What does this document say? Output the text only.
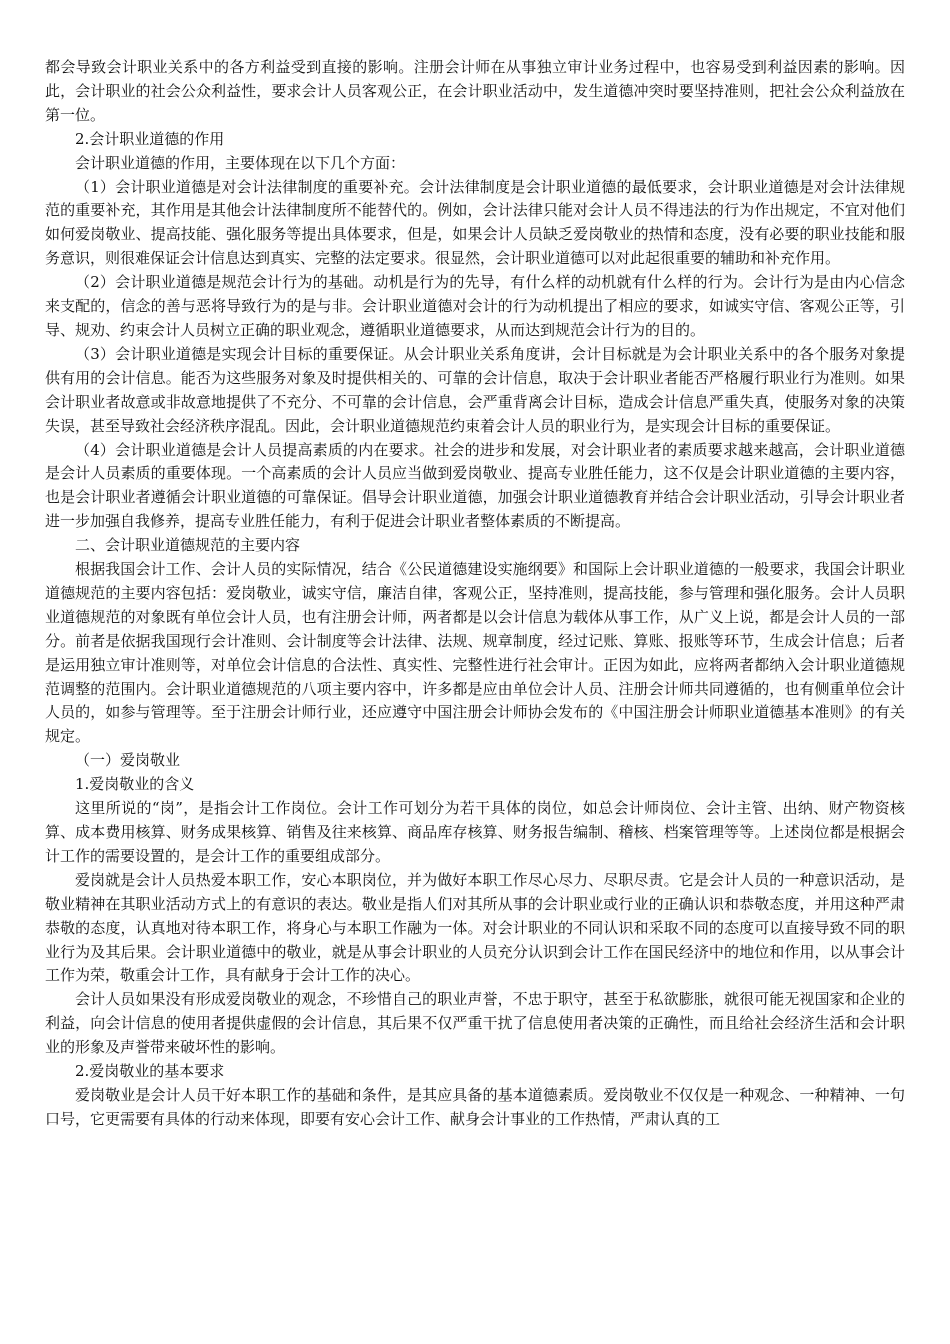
都会导致会计职业关系中的各方利益受到直接的影响。注册会计师在从事独立审计业务过程中，也容易受到利益因素的影响。因此，会计职业的社会公众利益性，要求会计人员客观公正，在会计职业活动中，发生道德冲突时要坚持准则，把社会公众利益放在第一位。

2.会计职业道德的作用

会计职业道德的作用，主要体现在以下几个方面：

（1）会计职业道德是对会计法律制度的重要补充。会计法律制度是会计职业道德的最低要求，会计职业道德是对会计法律规范的重要补充，其作用是其他会计法律制度所不能替代的。例如，会计法律只能对会计人员不得违法的行为作出规定，不宜对他们如何爱岗敬业、提高技能、强化服务等提出具体要求，但是，如果会计人员缺乏爱岗敬业的热情和态度，没有必要的职业技能和服务意识，则很难保证会计信息达到真实、完整的法定要求。很显然，会计职业道德可以对此起很重要的辅助和补充作用。

（2）会计职业道德是规范会计行为的基础。动机是行为的先导，有什么样的动机就有什么样的行为。会计行为是由内心信念来支配的，信念的善与恶将导致行为的是与非。会计职业道德对会计的行为动机提出了相应的要求，如诚实守信、客观公正等，引导、规劝、约束会计人员树立正确的职业观念，遵循职业道德要求，从而达到规范会计行为的目的。

（3）会计职业道德是实现会计目标的重要保证。从会计职业关系角度讲，会计目标就是为会计职业关系中的各个服务对象提供有用的会计信息。能否为这些服务对象及时提供相关的、可靠的会计信息，取决于会计职业者能否严格履行职业行为准则。如果会计职业者故意或非故意地提供了不充分、不可靠的会计信息，会严重背离会计目标，造成会计信息严重失真，使服务对象的决策失误，甚至导致社会经济秩序混乱。因此，会计职业道德规范约束着会计人员的职业行为，是实现会计目标的重要保证。

（4）会计职业道德是会计人员提高素质的内在要求。社会的进步和发展，对会计职业者的素质要求越来越高，会计职业道德是会计人员素质的重要体现。一个高素质的会计人员应当做到爱岗敬业、提高专业胜任能力，这不仅是会计职业道德的主要内容，也是会计职业者遵循会计职业道德的可靠保证。倡导会计职业道德，加强会计职业道德教育并结合会计职业活动，引导会计职业者进一步加强自我修养，提高专业胜任能力，有利于促进会计职业者整体素质的不断提高。

二、会计职业道德规范的主要内容

根据我国会计工作、会计人员的实际情况，结合《公民道德建设实施纲要》和国际上会计职业道德的一般要求，我国会计职业道德规范的主要内容包括：爱岗敬业，诚实守信，廉洁自律，客观公正，坚持准则，提高技能，参与管理和强化服务。会计人员职业道德规范的对象既有单位会计人员，也有注册会计师，两者都是以会计信息为载体从事工作，从广义上说，都是会计人员的一部分。前者是依据我国现行会计准则、会计制度等会计法律、法规、规章制度，经过记账、算账、报账等环节，生成会计信息；后者是运用独立审计准则等，对单位会计信息的合法性、真实性、完整性进行社会审计。正因为如此，应将两者都纳入会计职业道德规范调整的范围内。会计职业道德规范的八项主要内容中，许多都是应由单位会计人员、注册会计师共同遵循的，也有侧重单位会计人员的，如参与管理等。至于注册会计师行业，还应遵守中国注册会计师协会发布的《中国注册会计师职业道德基本准则》的有关规定。

（一）爱岗敬业

1.爱岗敬业的含义

这里所说的“岗”，是指会计工作岗位。会计工作可划分为若干具体的岗位，如总会计师岗位、会计主管、出纳、财产物资核算、成本费用核算、财务成果核算、销售及往来核算、商品库存核算、财务报告编制、稽核、档案管理等等。上述岗位都是根据会计工作的需要设置的，是会计工作的重要组成部分。

爱岗就是会计人员热爱本职工作，安心本职岗位，并为做好本职工作尽心尽力、尽职尽责。它是会计人员的一种意识活动，是敬业精神在其职业活动方式上的有意识的表达。敬业是指人们对其所从事的会计职业或行业的正确认识和恭敬态度，并用这种严肃恭敬的态度，认真地对待本职工作，将身心与本职工作融为一体。对会计职业的不同认识和采取不同的态度可以直接导致不同的职业行为及其后果。会计职业道德中的敬业，就是从事会计职业的人员充分认识到会计工作在国民经济中的地位和作用，以从事会计工作为荣，敬重会计工作，具有献身于会计工作的决心。

会计人员如果没有形成爱岗敬业的观念，不珍惜自己的职业声誉，不忠于职守，甚至于私欲膨胀，就很可能无视国家和企业的利益，向会计信息的使用者提供虚假的会计信息，其后果不仅严重干扰了信息使用者决策的正确性，而且给社会经济生活和会计职业的形象及声誉带来破坏性的影响。

2.爱岗敬业的基本要求

爱岗敬业是会计人员干好本职工作的基础和条件，是其应具备的基本道德素质。爱岗敬业不仅仅是一种观念、一种精神、一句口号，它更需要有具体的行动来体现，即要有安心会计工作、献身会计事业的工作热情，严肃认真的工
